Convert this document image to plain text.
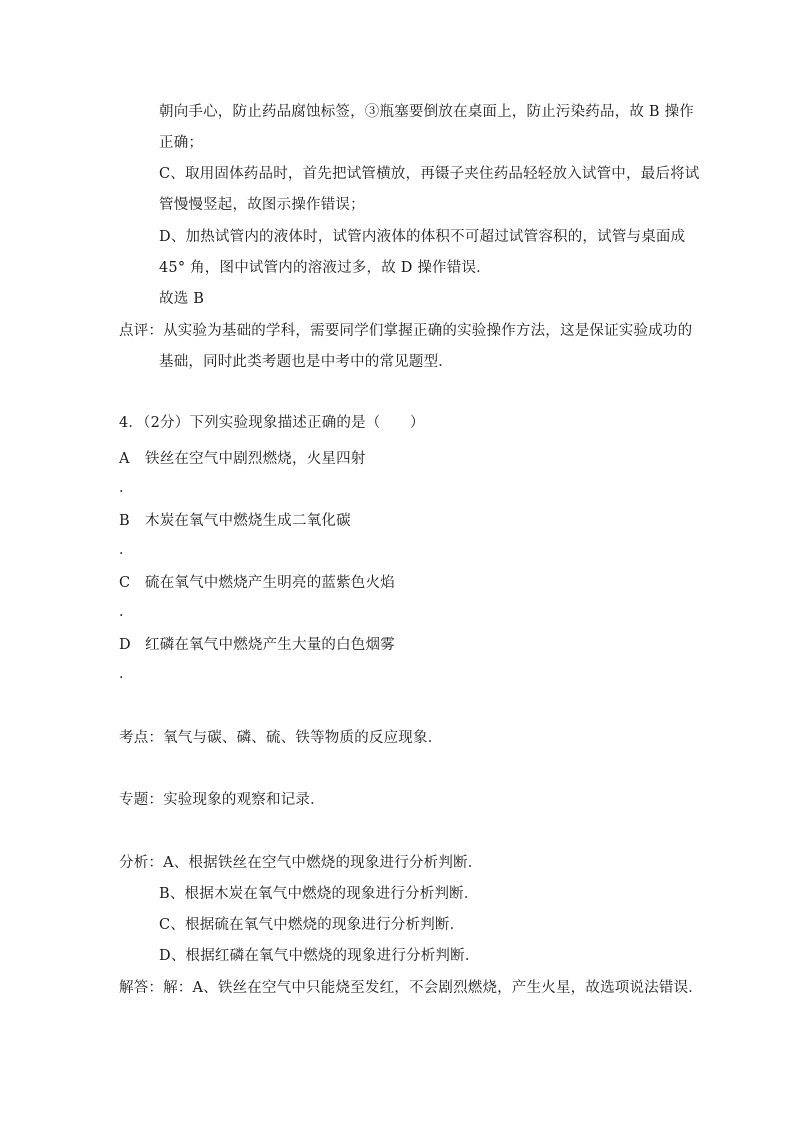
朝向手心，防止药品腐蚀标签，③瓶塞要倒放在桌面上，防止污染药品，故 B 操作
正确；
C、取用固体药品时，首先把试管横放，再镊子夹住药品轻轻放入试管中，最后将试
管慢慢竖起，故图示操作错误；
D、加热试管内的液体时，试管内液体的体积不可超过试管容积的，试管与桌面成
45° 角，图中试管内的溶液过多，故 D 操作错误．
故选 B
点评：从实验为基础的学科，需要同学们掌握正确的实验操作方法，这是保证实验成功的
基础，同时此类考题也是中考中的常见题型．
4．（2分）下列实验现象描述正确的是（　　）
A 铁丝在空气中剧烈燃烧，火星四射
．
B 木炭在氧气中燃烧生成二氧化碳
．
C 硫在氧气中燃烧产生明亮的蓝紫色火焰
．
D 红磷在氧气中燃烧产生大量的白色烟雾
．
考点：氧气与碳、磷、硫、铁等物质的反应现象．
专题：实验现象的观察和记录．
分析：A、根据铁丝在空气中燃烧的现象进行分析判断．
B、根据木炭在氧气中燃烧的现象进行分析判断．
C、根据硫在氧气中燃烧的现象进行分析判断．
D、根据红磷在氧气中燃烧的现象进行分析判断．
解答：解：A、铁丝在空气中只能烧至发红，不会剧烈燃烧，产生火星，故选项说法错误．
